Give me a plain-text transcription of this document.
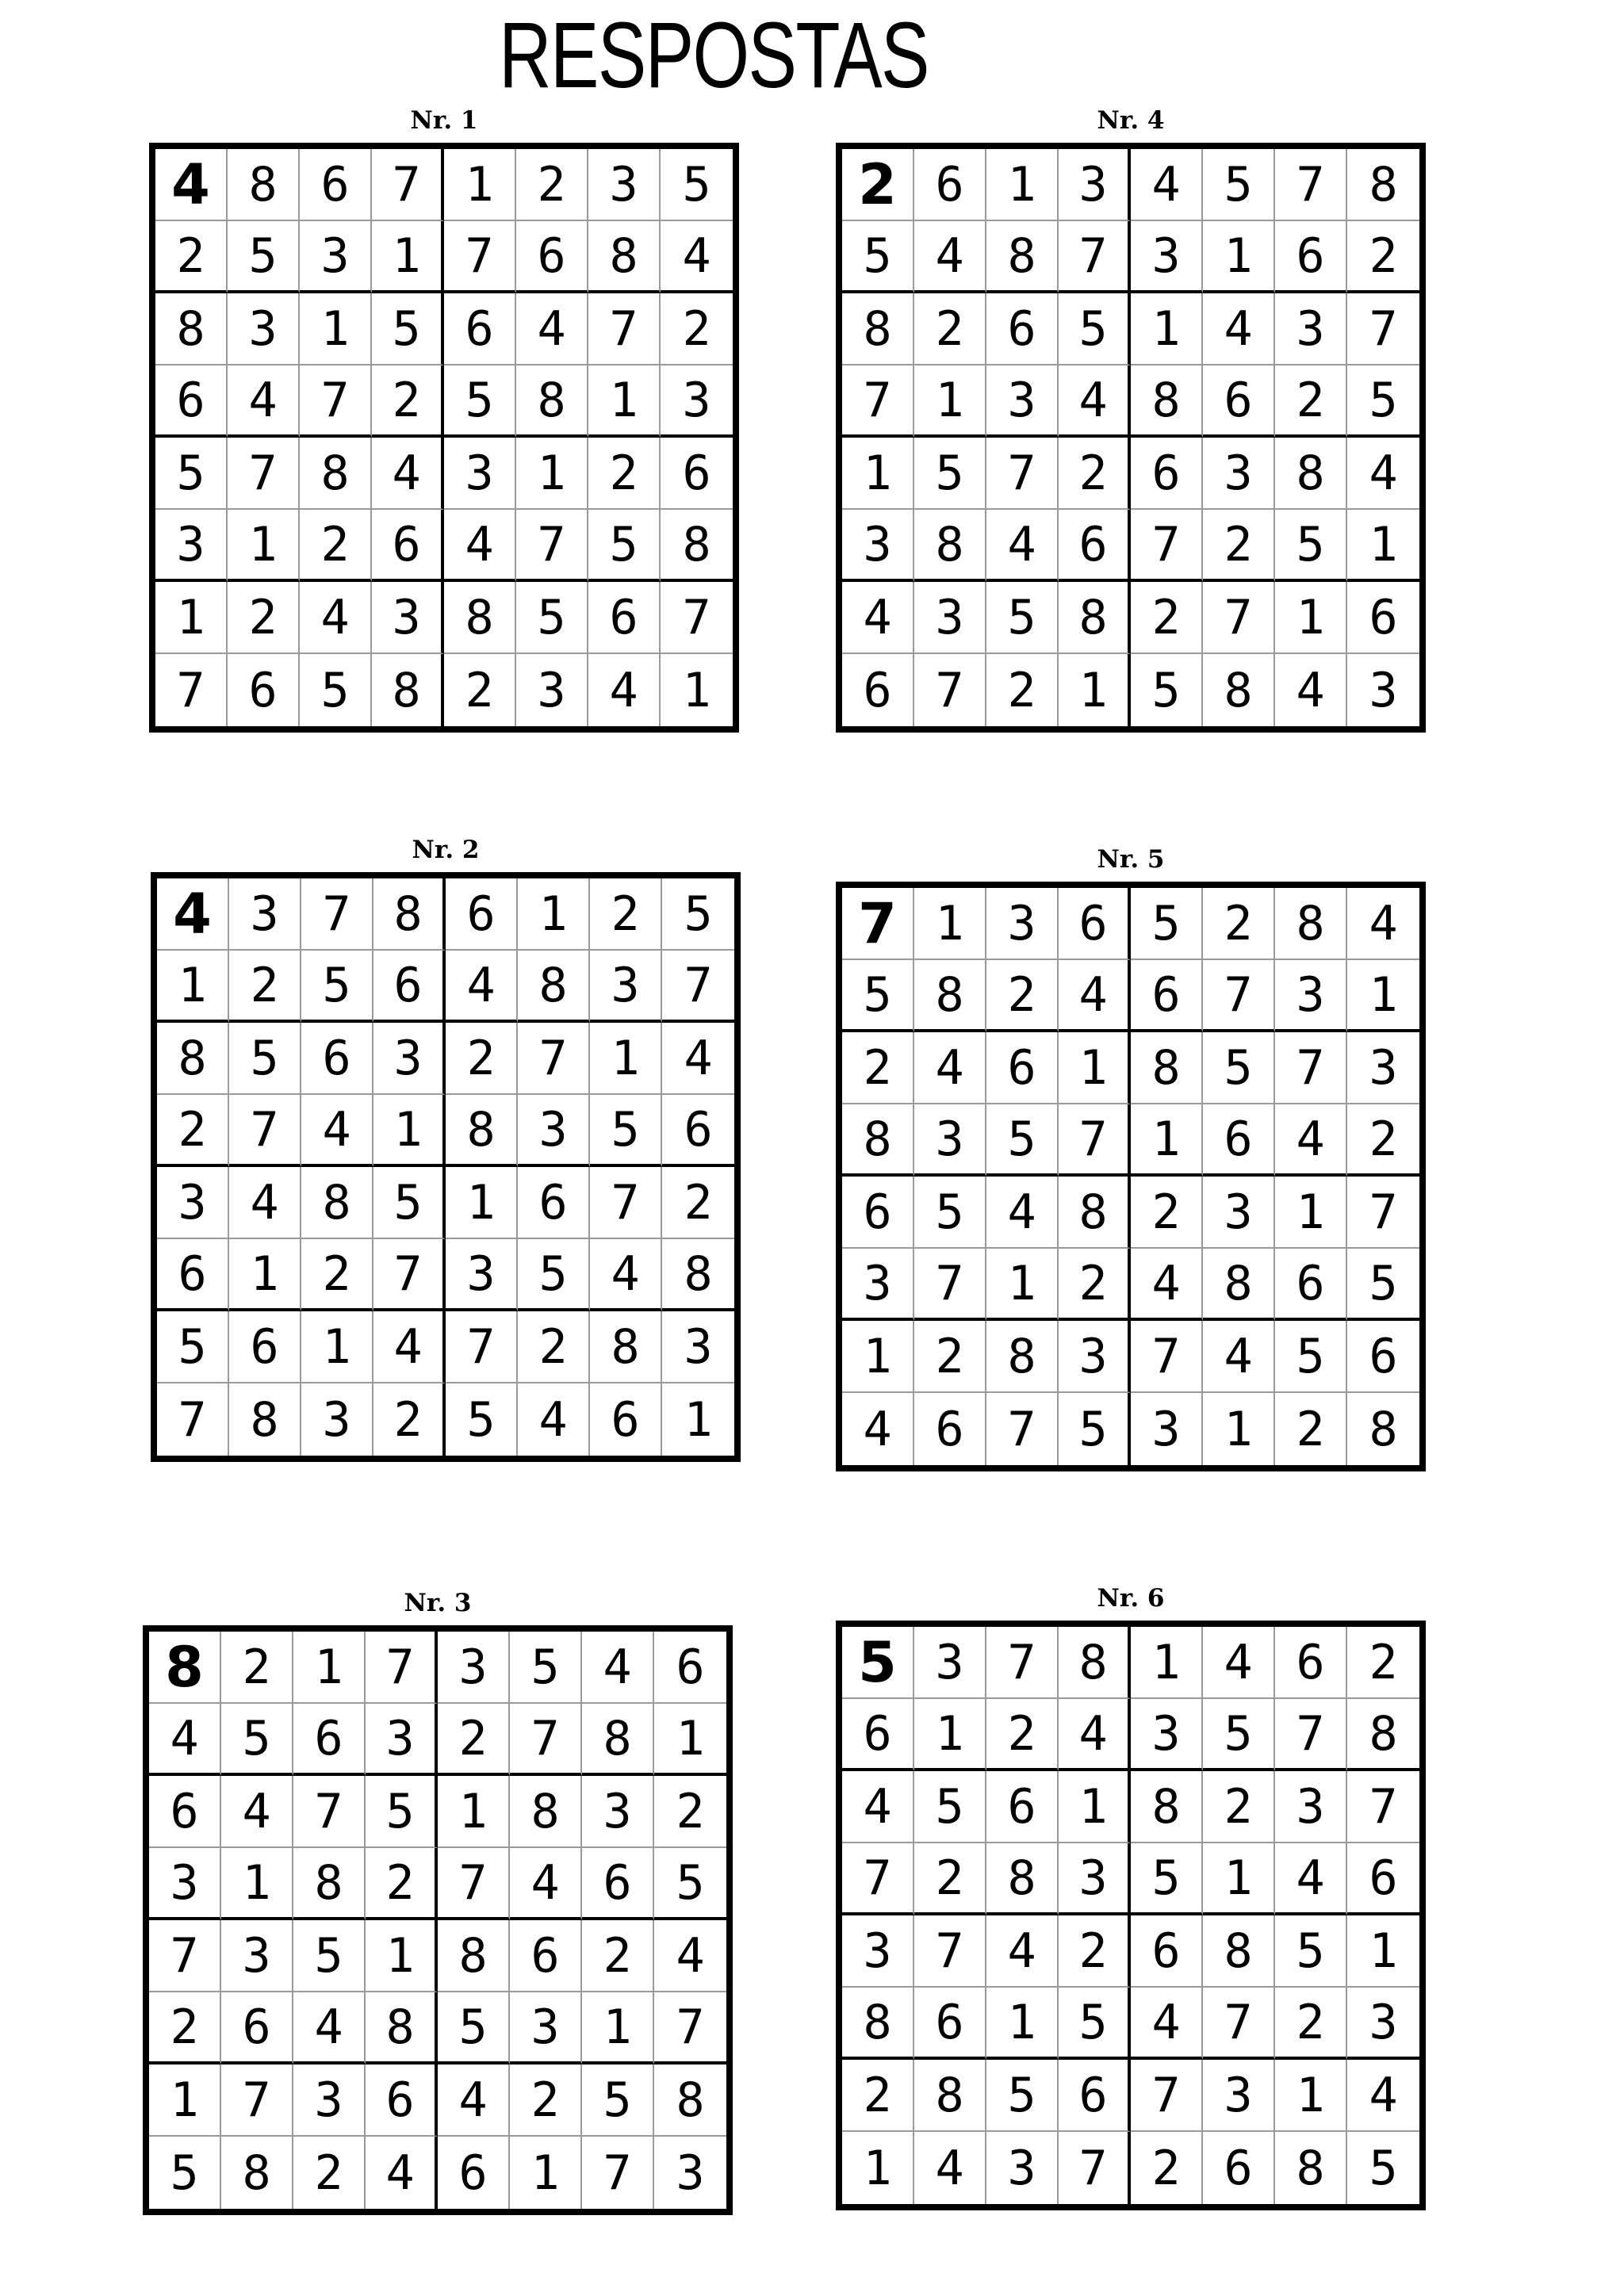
RESPOSTAS
Nr. 1
4 8 6 7 1 2 3 5
2 5 3 1 7 6 8 4
8 3 1 5 6 4 7 2
6 4 7 2 5 8 1 3
5 7 8 4 3 1 2 6
3 1 2 6 4 7 5 8
1 2 4 3 8 5 6 7
7 6 5 8 2 3 4 1
Nr. 2
4 3 7 8 6 1 2 5
1 2 5 6 4 8 3 7
8 5 6 3 2 7 1 4
2 7 4 1 8 3 5 6
3 4 8 5 1 6 7 2
6 1 2 7 3 5 4 8
5 6 1 4 7 2 8 3
7 8 3 2 5 4 6 1
Nr. 3
8 2 1 7 3 5 4 6
4 5 6 3 2 7 8 1
6 4 7 5 1 8 3 2
3 1 8 2 7 4 6 5
7 3 5 1 8 6 2 4
2 6 4 8 5 3 1 7
1 7 3 6 4 2 5 8
5 8 2 4 6 1 7 3
Nr. 4
2 6 1 3 4 5 7 8
5 4 8 7 3 1 6 2
8 2 6 5 1 4 3 7
7 1 3 4 8 6 2 5
1 5 7 2 6 3 8 4
3 8 4 6 7 2 5 1
4 3 5 8 2 7 1 6
6 7 2 1 5 8 4 3
Nr. 5
7 1 3 6 5 2 8 4
5 8 2 4 6 7 3 1
2 4 6 1 8 5 7 3
8 3 5 7 1 6 4 2
6 5 4 8 2 3 1 7
3 7 1 2 4 8 6 5
1 2 8 3 7 4 5 6
4 6 7 5 3 1 2 8
Nr. 6
5 3 7 8 1 4 6 2
6 1 2 4 3 5 7 8
4 5 6 1 8 2 3 7
7 2 8 3 5 1 4 6
3 7 4 2 6 8 5 1
8 6 1 5 4 7 2 3
2 8 5 6 7 3 1 4
1 4 3 7 2 6 8 5
